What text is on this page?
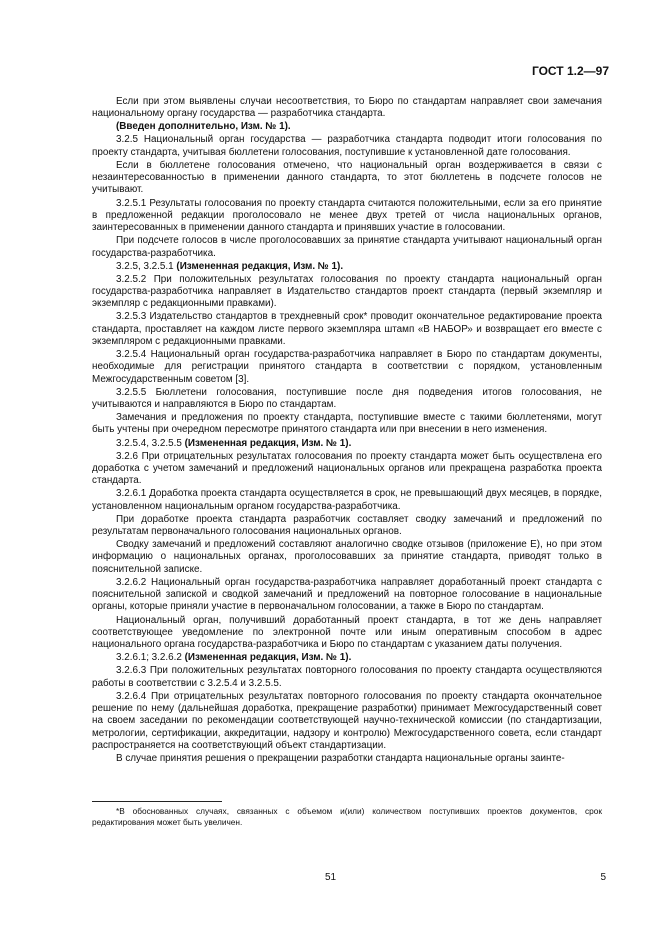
ГОСТ 1.2—97

Если при этом выявлены случаи несоответствия, то Бюро по стандартам направляет свои замечания национальному органу государства — разработчика стандарта.

(Введен дополнительно, Изм. № 1).

3.2.5 Национальный орган государства — разработчика стандарта подводит итоги голосования по проекту стандарта, учитывая бюллетени голосования, поступившие к установленной дате голосования.

Если в бюллетене голосования отмечено, что национальный орган воздерживается в связи с незаинтересованностью в применении данного стандарта, то этот бюллетень в подсчете голосов не учитывают.

3.2.5.1 Результаты голосования по проекту стандарта считаются положительными, если за его принятие в предложенной редакции проголосовало не менее двух третей от числа национальных органов, заинтересованных в применении данного стандарта и принявших участие в голосовании.

При подсчете голосов в числе проголосовавших за принятие стандарта учитывают национальный орган государства-разработчика.

3.2.5, 3.2.5.1 (Измененная редакция, Изм. № 1).

3.2.5.2 При положительных результатах голосования по проекту стандарта национальный орган государства-разработчика направляет в Издательство стандартов проект стандарта (первый экземпляр и экземпляр с редакционными правками).

3.2.5.3 Издательство стандартов в трехдневный срок* проводит окончательное редактирование проекта стандарта, проставляет на каждом листе первого экземпляра штамп «В НАБОР» и возвращает его вместе с экземпляром с редакционными правками.

3.2.5.4 Национальный орган государства-разработчика направляет в Бюро по стандартам документы, необходимые для регистрации принятого стандарта в соответствии с порядком, установленным Межгосударственным советом [3].

3.2.5.5 Бюллетени голосования, поступившие после дня подведения итогов голосования, не учитываются и направляются в Бюро по стандартам.

Замечания и предложения по проекту стандарта, поступившие вместе с такими бюллетенями, могут быть учтены при очередном пересмотре принятого стандарта или при внесении в него изменения.

3.2.5.4, 3.2.5.5 (Измененная редакция, Изм. № 1).

3.2.6 При отрицательных результатах голосования по проекту стандарта может быть осуществлена его доработка с учетом замечаний и предложений национальных органов или прекращена разработка проекта стандарта.

3.2.6.1 Доработка проекта стандарта осуществляется в срок, не превышающий двух месяцев, в порядке, установленном национальным органом государства-разработчика.

При доработке проекта стандарта разработчик составляет сводку замечаний и предложений по результатам первоначального голосования национальных органов.

Сводку замечаний и предложений составляют аналогично сводке отзывов (приложение Е), но при этом информацию о национальных органах, проголосовавших за принятие стандарта, приводят только в пояснительной записке.

3.2.6.2 Национальный орган государства-разработчика направляет доработанный проект стандарта с пояснительной запиской и сводкой замечаний и предложений на повторное голосование в национальные органы, которые приняли участие в первоначальном голосовании, а также в Бюро по стандартам.

Национальный орган, получивший доработанный проект стандарта, в тот же день направляет соответствующее уведомление по электронной почте или иным оперативным способом в адрес национального органа государства-разработчика и Бюро по стандартам с указанием даты получения.

3.2.6.1; 3.2.6.2 (Измененная редакция, Изм. № 1).

3.2.6.3 При положительных результатах повторного голосования по проекту стандарта осуществляются работы в соответствии с 3.2.5.4 и 3.2.5.5.

3.2.6.4 При отрицательных результатах повторного голосования по проекту стандарта окончательное решение по нему (дальнейшая доработка, прекращение разработки) принимает Межгосударственный совет на своем заседании по рекомендации соответствующей научно-технической комиссии (по стандартизации, метрологии, сертификации, аккредитации, надзору и контролю) Межгосударственного совета, если стандарт распространяется на соответствующий объект стандартизации.

В случае принятия решения о прекращении разработки стандарта национальные органы заинте-

*В обоснованных случаях, связанных с объемом и(или) количеством поступивших проектов документов, срок редактирования может быть увеличен.
51	5
